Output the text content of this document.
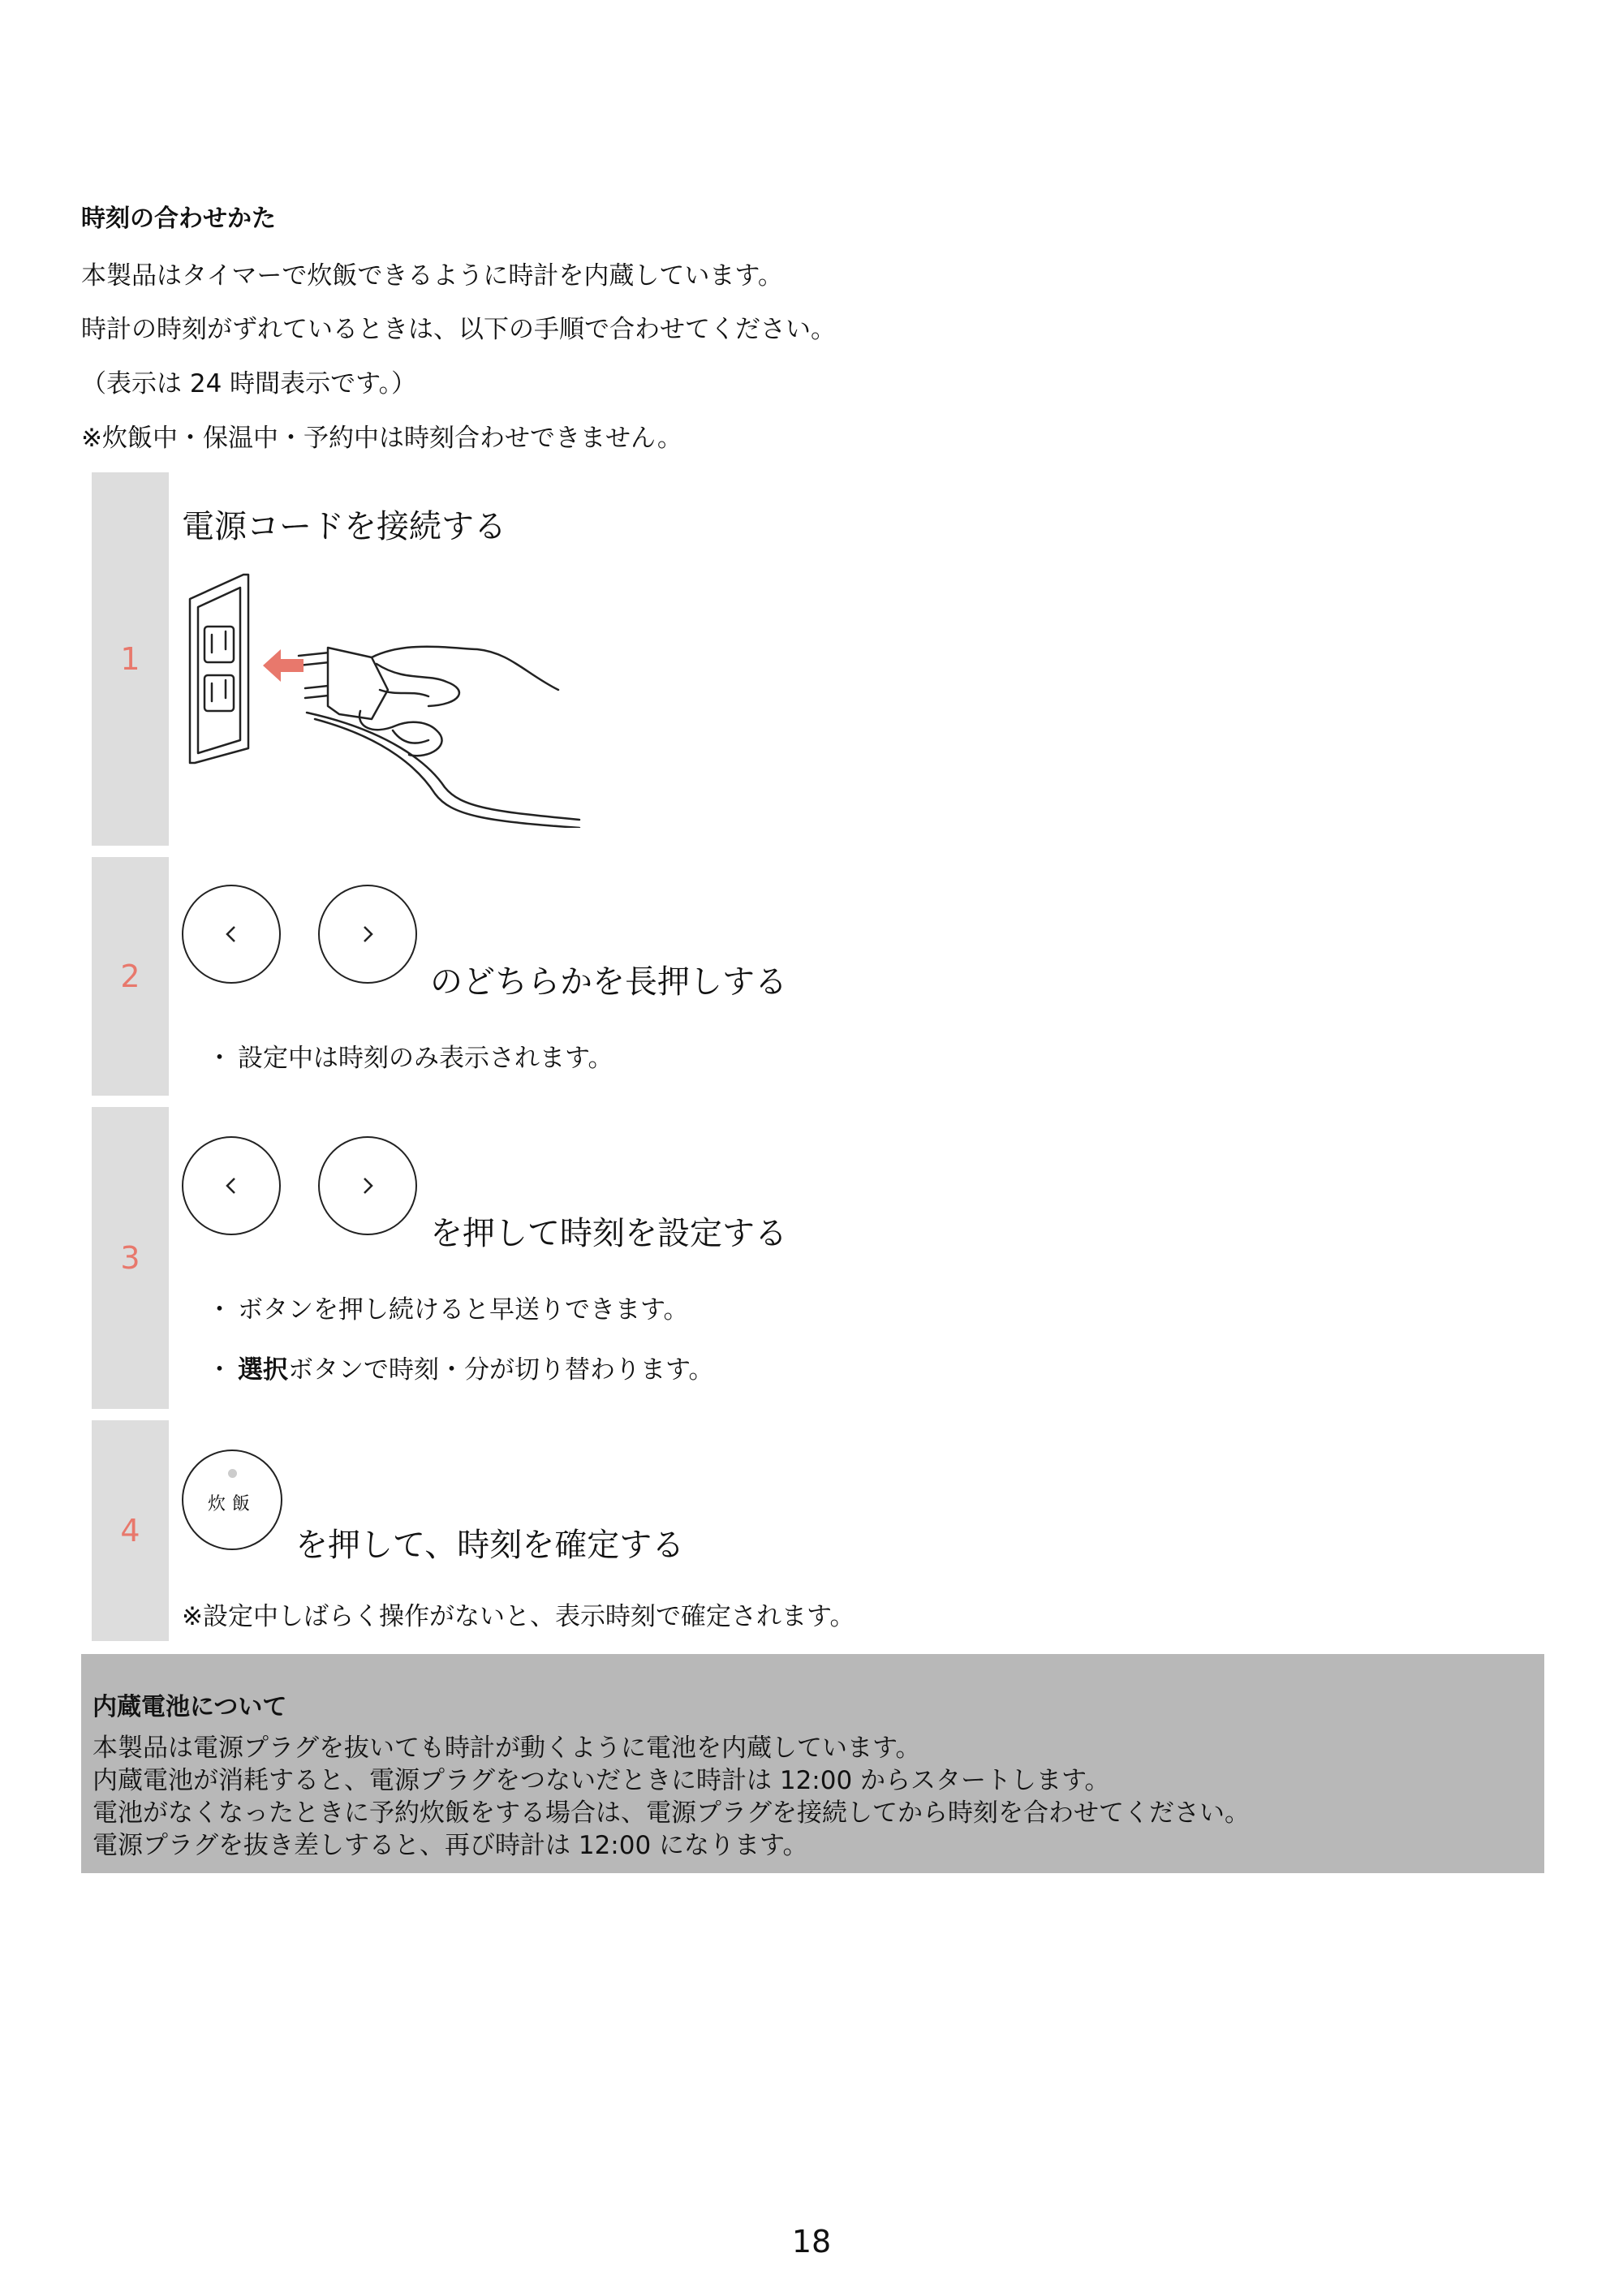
時刻の合わせかた
本製品はタイマーで炊飯できるように時計を内蔵しています。
時計の時刻がずれているときは、以下の手順で合わせてください。
（表示は 24 時間表示です。）
※炊飯中・保温中・予約中は時刻合わせできません。
1
電源コードを接続する
2	のどちらかを長押しする
・ 設定中は時刻のみ表示されます。
3
を押して時刻を設定する
・ ボタンを押し続けると早送りできます。
・ 選択ボタンで時刻・分が切り替わります。
4
炊飯
を押して、時刻を確定する
※設定中しばらく操作がないと、表示時刻で確定されます。
内蔵電池について
本製品は電源プラグを抜いても時計が動くように電池を内蔵しています。
内蔵電池が消耗すると、電源プラグをつないだときに時計は 12:00 からスタートします。
電池がなくなったときに予約炊飯をする場合は、電源プラグを接続してから時刻を合わせてください。
電源プラグを抜き差しすると、再び時計は 12:00 になります。
18
